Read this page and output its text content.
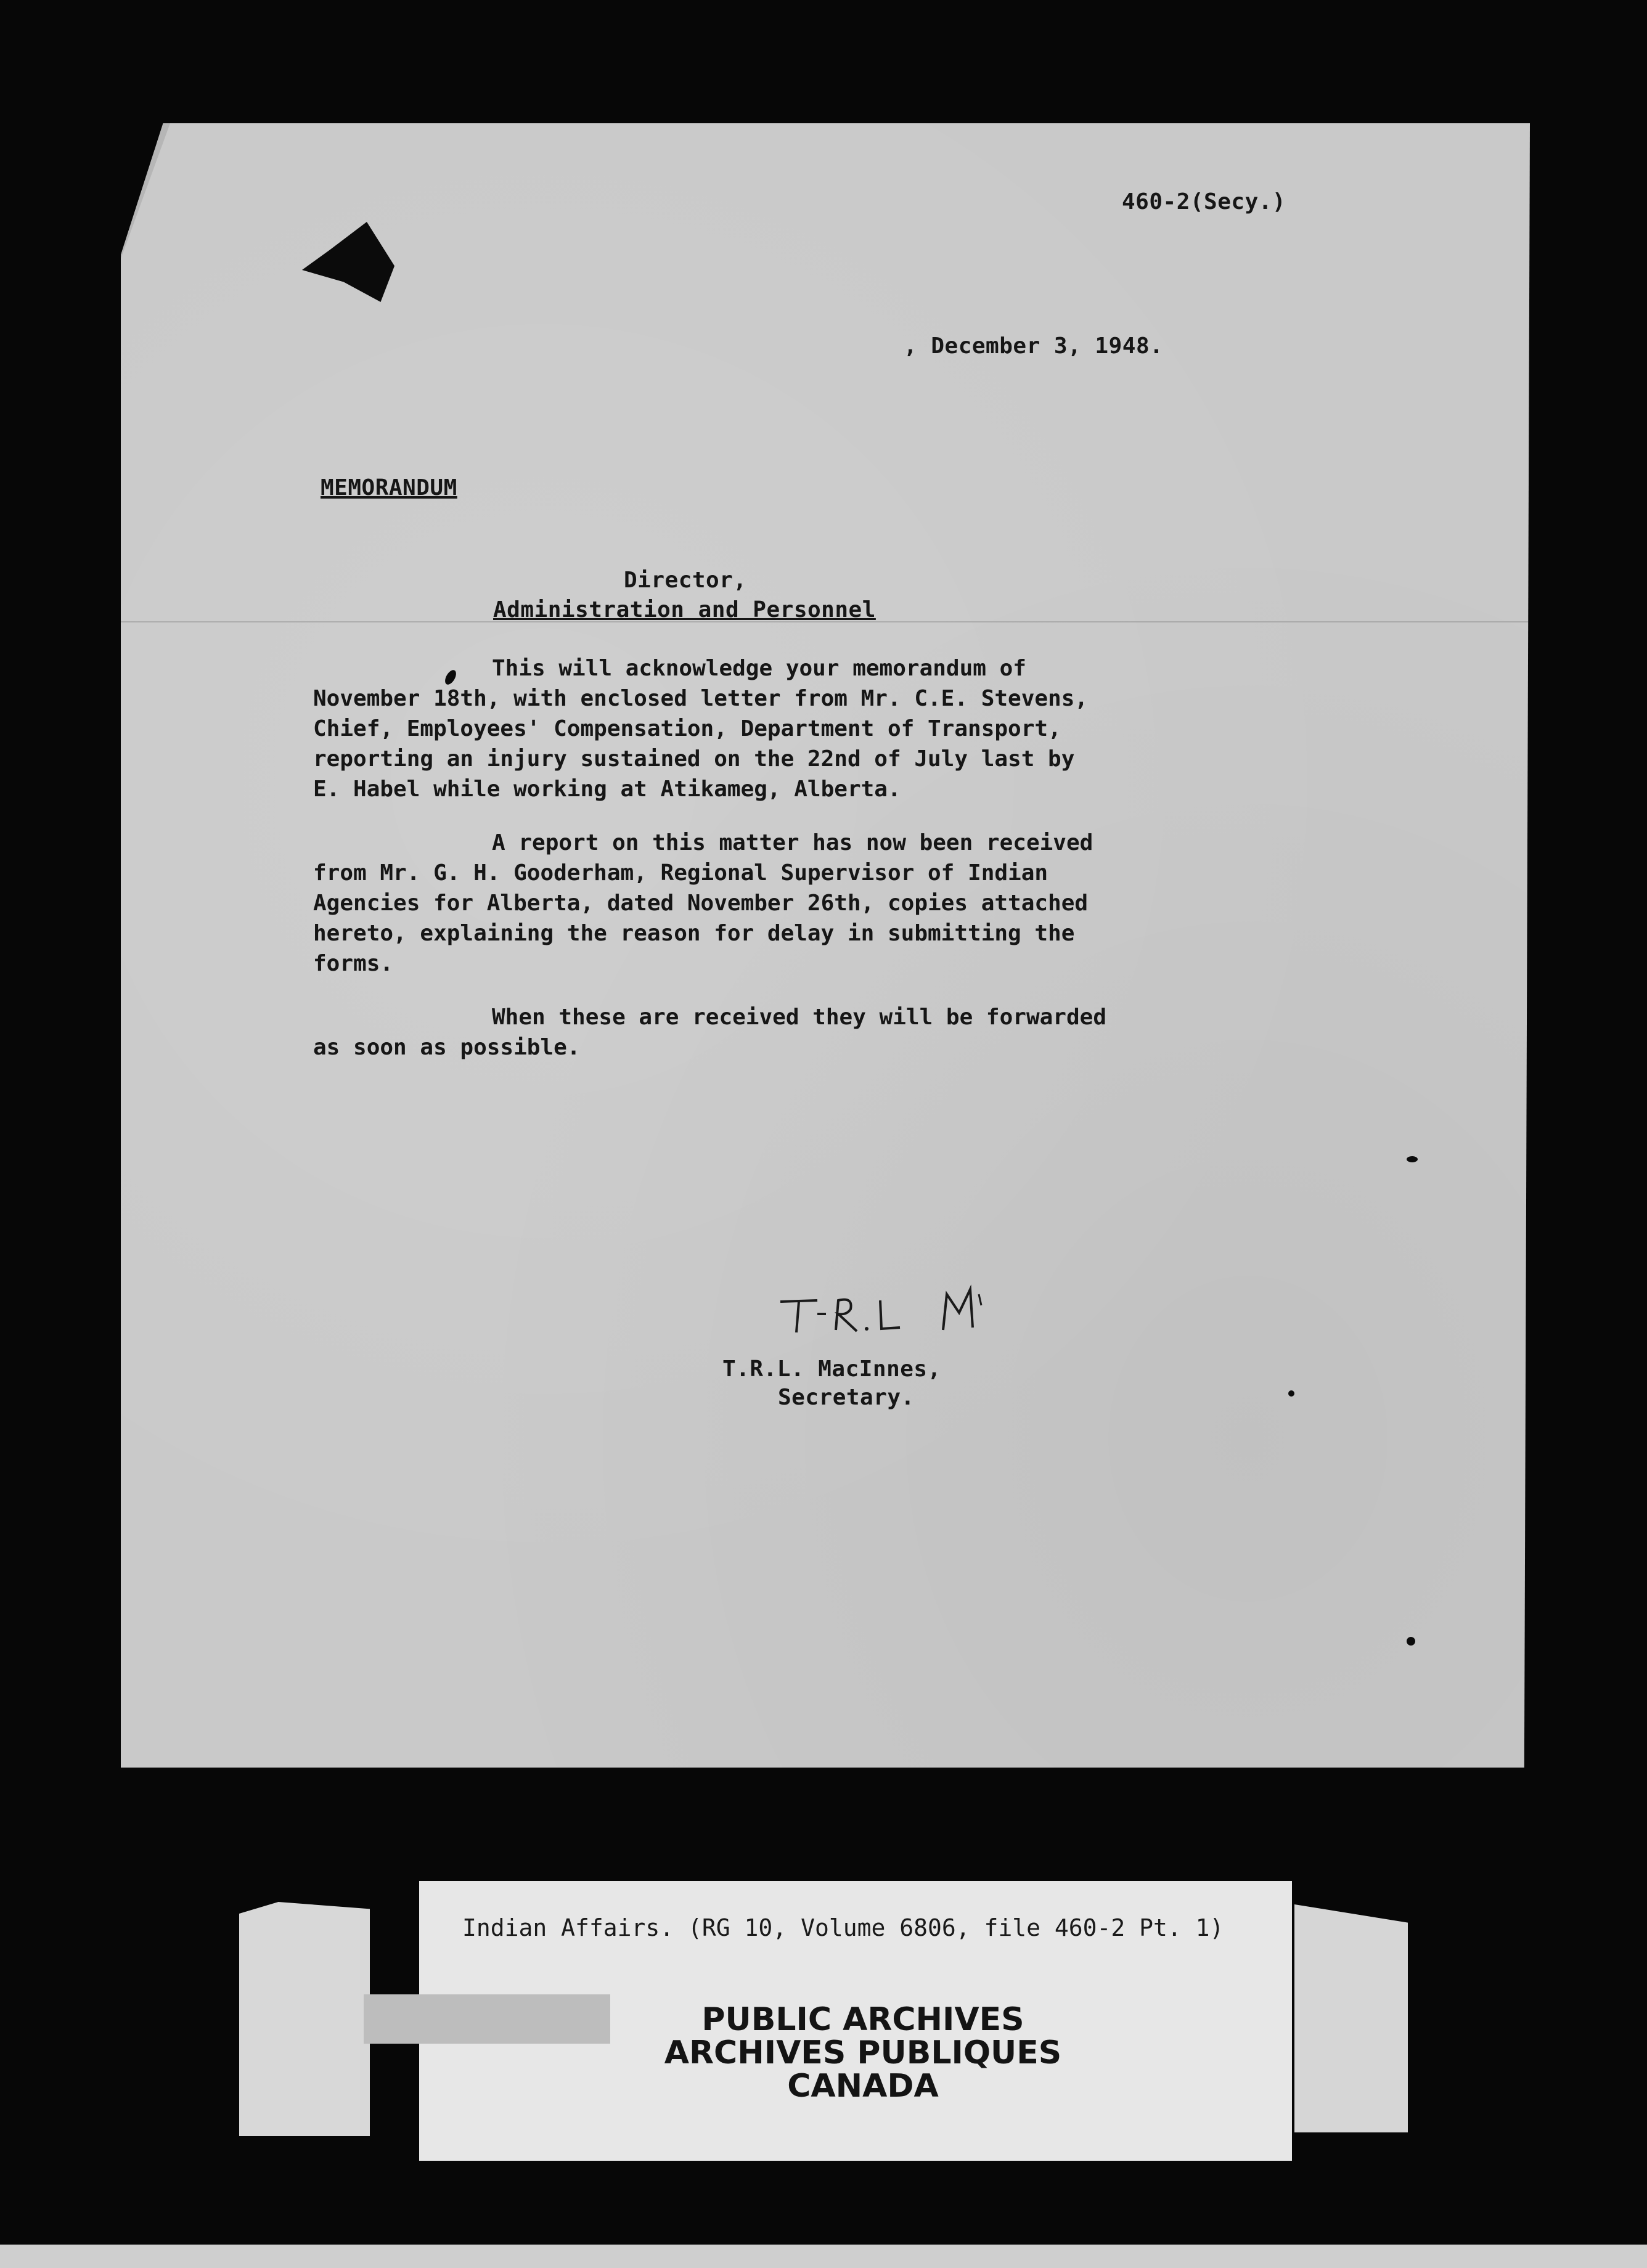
460-2(Secy.)
, December 3, 1948.
MEMORANDUM
Director,
Administration and Personnel
This will acknowledge your memorandum of
November 18th, with enclosed letter from Mr. C.E. Stevens,
Chief, Employees' Compensation, Department of Transport,
reporting an injury sustained on the 22nd of July last by
E. Habel while working at Atikameg, Alberta.
A report on this matter has now been received
from Mr. G. H. Gooderham, Regional Supervisor of Indian
Agencies for Alberta, dated November 26th, copies attached
hereto, explaining the reason for delay in submitting the
forms.
When these are received they will be forwarded
as soon as possible.
T.R.L. MacInnes,
Secretary.
Indian Affairs. (RG 10, Volume 6806, file 460-2 Pt. 1)
PUBLIC ARCHIVES
ARCHIVES PUBLIQUES
CANADA
